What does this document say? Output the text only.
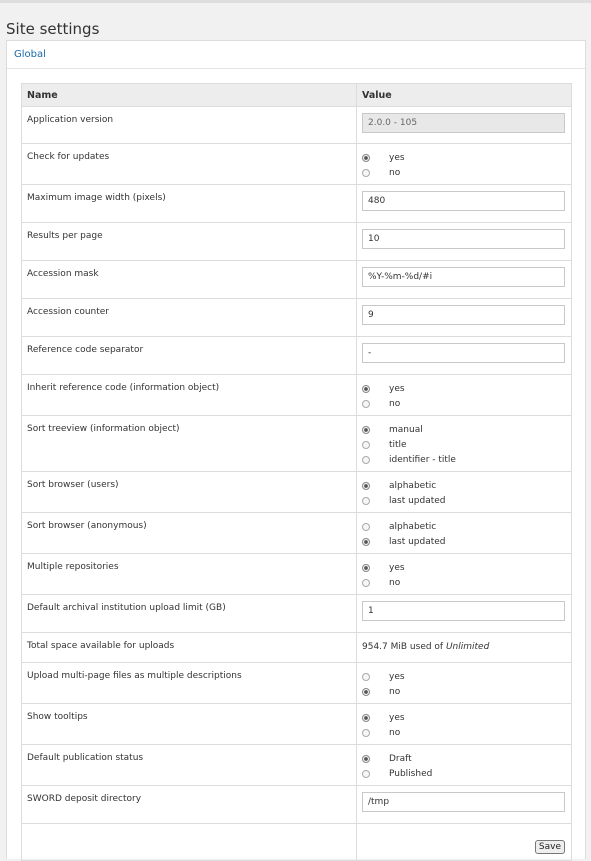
Site settings
Global
Name	Value
Application version	2.0.0 - 105

Check for updates	yes
no

Maximum image width (pixels)	480

Results per page	10

Accession mask	%Y-%m-%d/#i

Accession counter	9

Reference code separator	-

Inherit reference code (information object)	yes
no

Sort treeview (information object)	manual
title
identifier - title

Sort browser (users)	alphabetic
last updated

Sort browser (anonymous)	alphabetic
last updated

Multiple repositories	yes
no

Default archival institution upload limit (GB)	1

Total space available for uploads	954.7 MiB used of Unlimited

Upload multi-page files as multiple descriptions	yes
no

Show tooltips	yes
no

Default publication status	Draft
Published

SWORD deposit directory	/tmp

	Save
